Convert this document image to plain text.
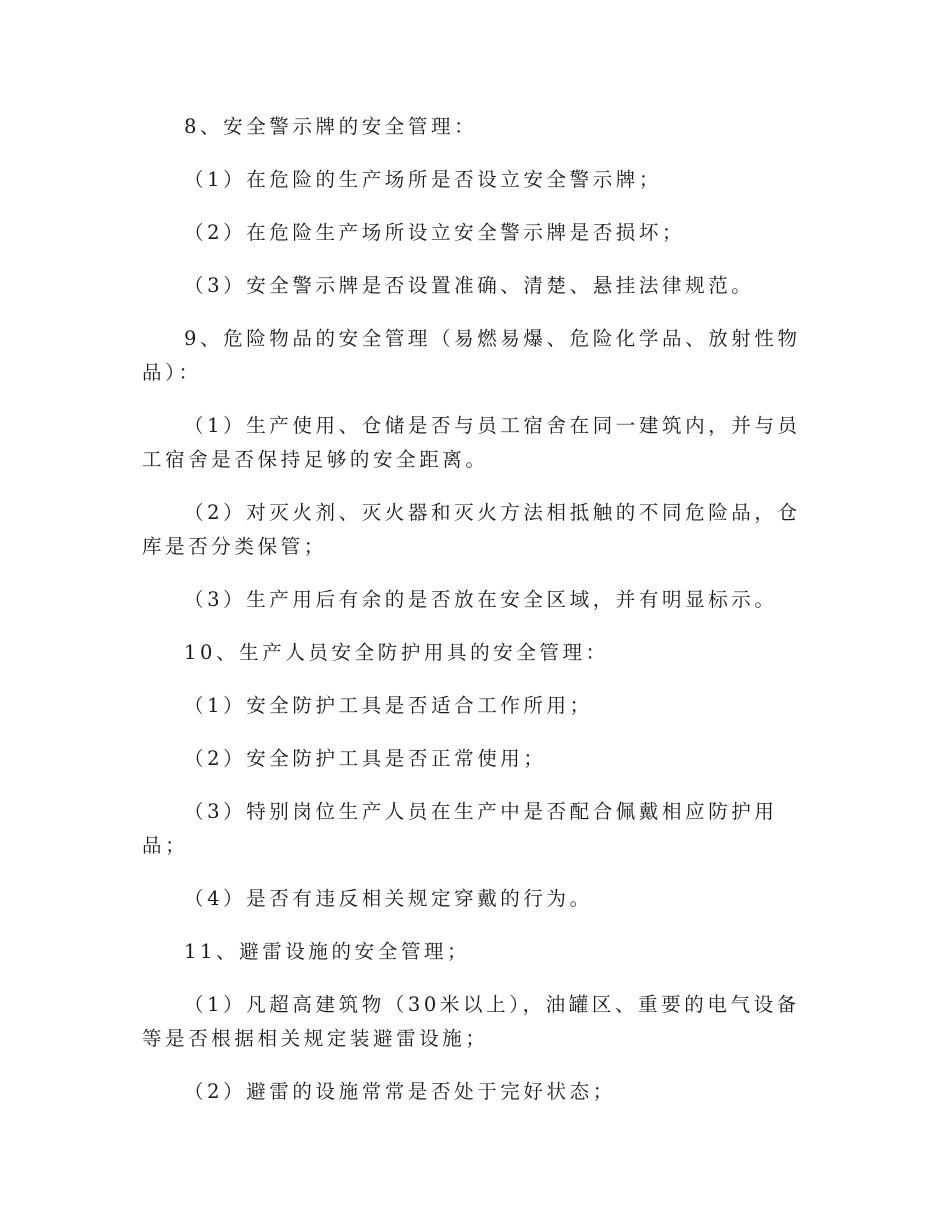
8、安全警示牌的安全管理：

（1）在危险的生产场所是否设立安全警示牌；

（2）在危险生产场所设立安全警示牌是否损坏；

（3）安全警示牌是否设置准确、清楚、悬挂法律规范。

9、危险物品的安全管理（易燃易爆、危险化学品、放射性物品）：

（1）生产使用、仓储是否与员工宿舍在同一建筑内，并与员工宿舍是否保持足够的安全距离。

（2）对灭火剂、灭火器和灭火方法相抵触的不同危险品，仓库是否分类保管；

（3）生产用后有余的是否放在安全区域，并有明显标示。

10、生产人员安全防护用具的安全管理：

（1）安全防护工具是否适合工作所用；

（2）安全防护工具是否正常使用；

（3）特别岗位生产人员在生产中是否配合佩戴相应防护用品；

（4）是否有违反相关规定穿戴的行为。

11、避雷设施的安全管理；

（1）凡超高建筑物（30米以上），油罐区、重要的电气设备等是否根据相关规定装避雷设施；

（2）避雷的设施常常是否处于完好状态；
